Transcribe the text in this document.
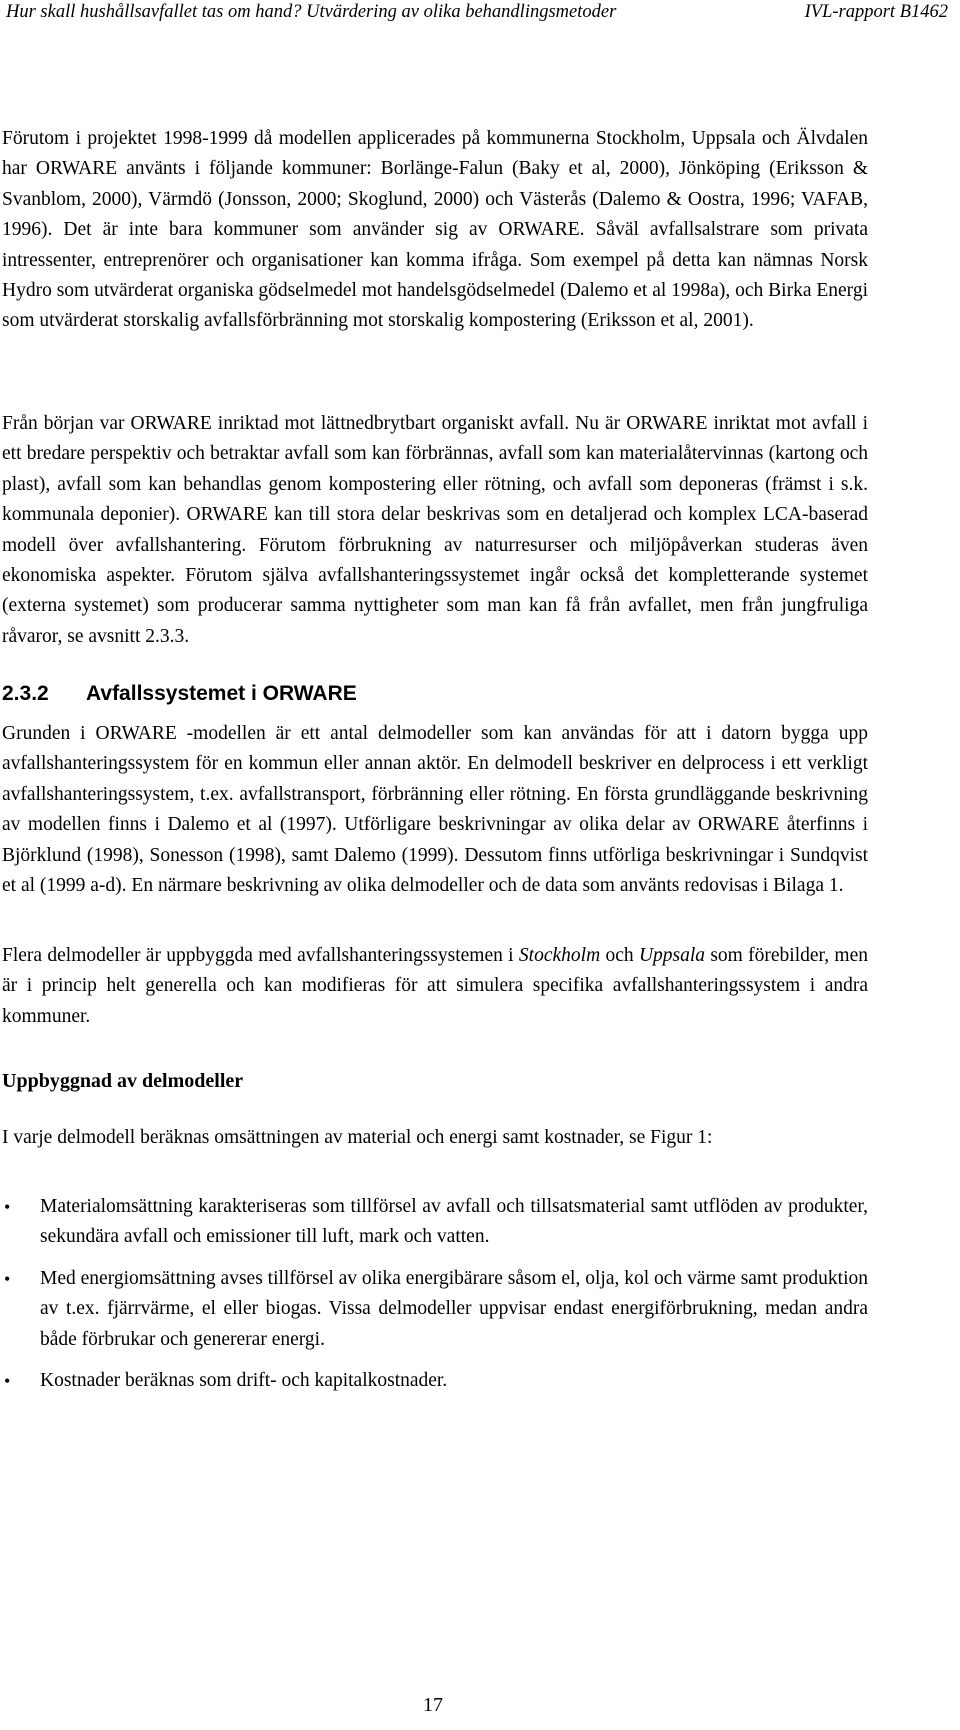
Hur skall hushållsavfallet tas om hand? Utvärdering av olika behandlingsmetoder	IVL-rapport B1462

Förutom i projektet 1998-1999 då modellen applicerades på kommunerna Stockholm, Uppsala och Älvdalen har ORWARE använts i följande kommuner: Borlänge-Falun (Baky et al, 2000), Jönköping (Eriksson & Svanblom, 2000), Värmdö (Jonsson, 2000; Skoglund, 2000) och Västerås (Dalemo & Oostra, 1996; VAFAB, 1996). Det är inte bara kommuner som använder sig av ORWARE. Såväl avfallsalstrare som privata intressenter, entreprenörer och organisationer kan komma ifråga. Som exempel på detta kan nämnas Norsk Hydro som utvärderat organiska gödselmedel mot handelsgödselmedel (Dalemo et al 1998a), och Birka Energi som utvärderat storskalig avfallsförbränning mot storskalig kompostering (Eriksson et al, 2001).

Från början var ORWARE inriktad mot lättnedbrytbart organiskt avfall. Nu är ORWARE inriktat mot avfall i ett bredare perspektiv och betraktar avfall som kan förbrännas, avfall som kan materialåtervinnas (kartong och plast), avfall som kan behandlas genom kompostering eller rötning, och avfall som deponeras (främst i s.k. kommunala deponier). ORWARE kan till stora delar beskrivas som en detaljerad och komplex LCA-baserad modell över avfallshantering. Förutom förbrukning av naturresurser och miljöpåverkan studeras även ekonomiska aspekter. Förutom själva avfallshanteringssystemet ingår också det kompletterande systemet (externa systemet) som producerar samma nyttigheter som man kan få från avfallet, men från jungfruliga råvaror, se avsnitt 2.3.3.

2.3.2 Avfallssystemet i ORWARE

Grunden i ORWARE -modellen är ett antal delmodeller som kan användas för att i datorn bygga upp avfallshanteringssystem för en kommun eller annan aktör. En delmodell beskriver en delprocess i ett verkligt avfallshanteringssystem, t.ex. avfallstransport, förbränning eller rötning. En första grundläggande beskrivning av modellen finns i Dalemo et al (1997). Utförligare beskrivningar av olika delar av ORWARE återfinns i Björklund (1998), Sonesson (1998), samt Dalemo (1999). Dessutom finns utförliga beskrivningar i Sundqvist et al (1999 a-d). En närmare beskrivning av olika delmodeller och de data som använts redovisas i Bilaga 1.

Flera delmodeller är uppbyggda med avfallshanteringssystemen i Stockholm och Uppsala som förebilder, men är i princip helt generella och kan modifieras för att simulera specifika avfallshanteringssystem i andra kommuner.

Uppbyggnad av delmodeller

I varje delmodell beräknas omsättningen av material och energi samt kostnader, se Figur 1:

• Materialomsättning karakteriseras som tillförsel av avfall och tillsatsmaterial samt utflöden av produkter, sekundära avfall och emissioner till luft, mark och vatten.
• Med energiomsättning avses tillförsel av olika energibärare såsom el, olja, kol och värme samt produktion av t.ex. fjärrvärme, el eller biogas. Vissa delmodeller uppvisar endast energiförbrukning, medan andra både förbrukar och genererar energi.
• Kostnader beräknas som drift- och kapitalkostnader.
17
